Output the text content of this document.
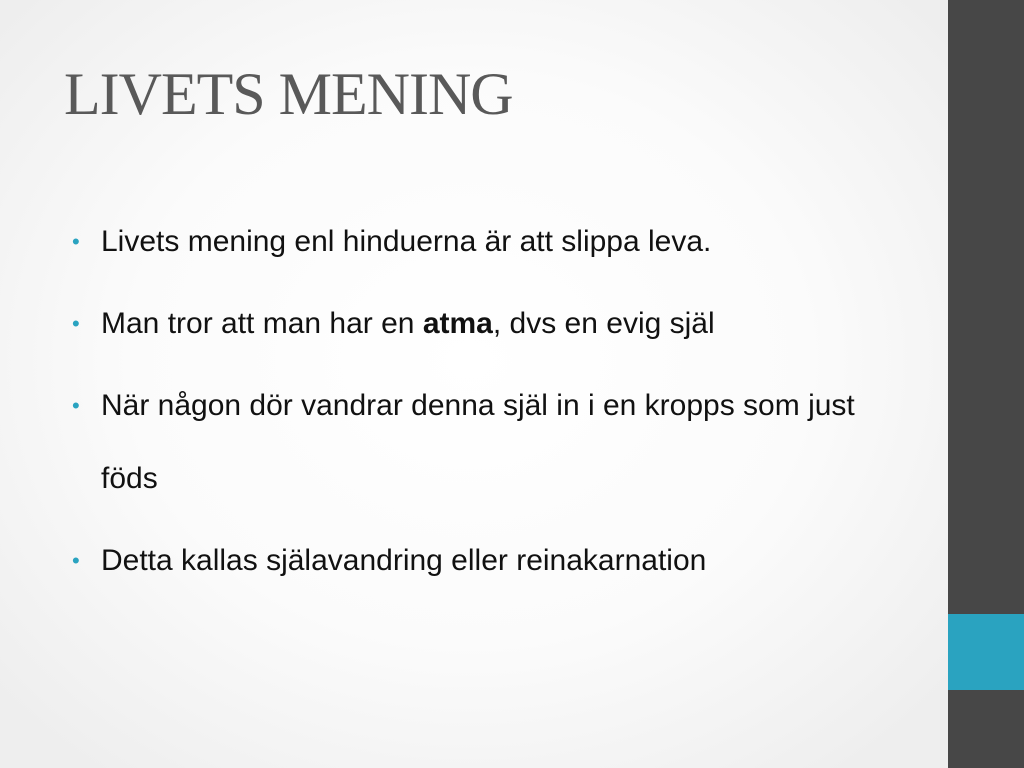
LIVETS MENING
• Livets mening enl hinduerna är att slippa leva.
• Man tror att man har en atma, dvs en evig själ
• När någon dör vandrar denna själ in i en kropps som just föds
• Detta kallas själavandring eller reinakarnation
